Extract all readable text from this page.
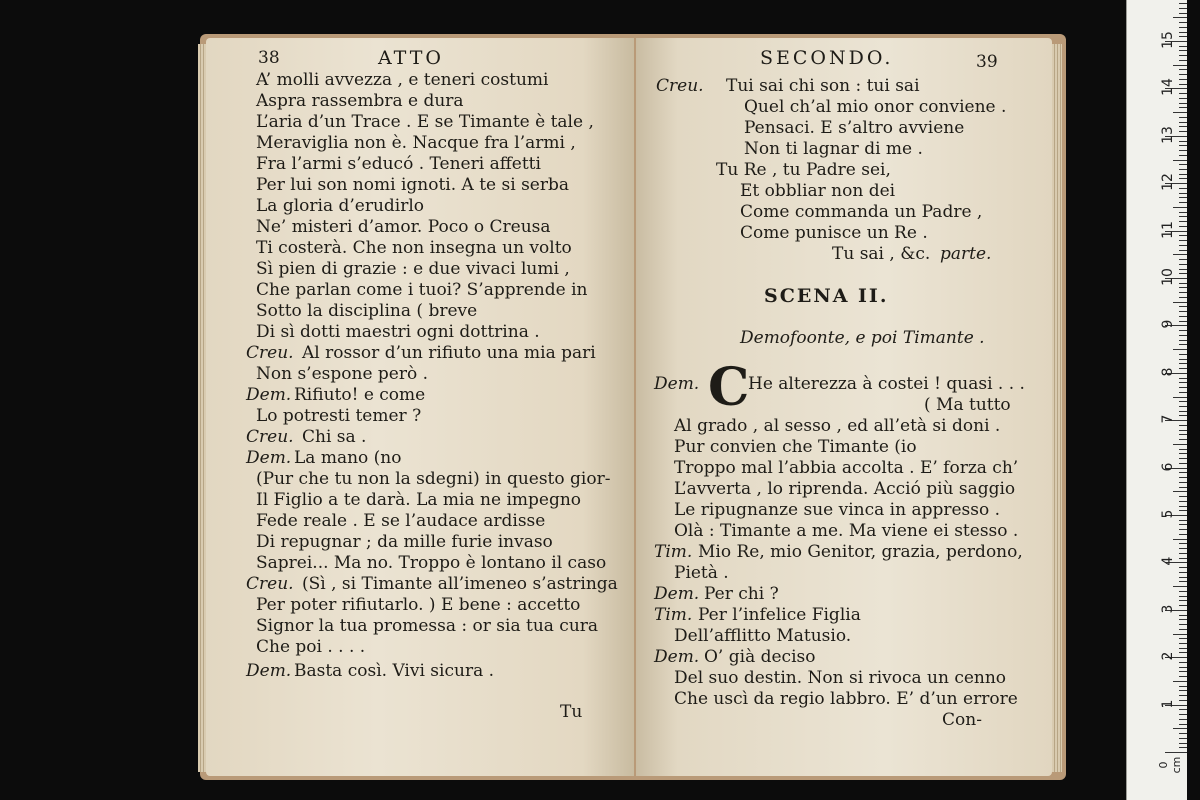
38	ATTO
A’ molli avvezza , e teneri costumi
Aspra rassembra e dura
L’aria d’un Trace . E se Timante è tale ,
Meraviglia non è. Nacque fra l’armi ,
Fra l’armi s’educó . Teneri affetti
Per lui son nomi ignoti. A te si serba
La gloria d’erudirlo
Ne’ misteri d’amor. Poco o Creusa
Ti costerà. Che non insegna un volto
Sì pien di grazie : e due vivaci lumi ,
Che parlan come i tuoi? S’apprende in
Sotto la disciplina ( breve
Di sì dotti maestri ogni dottrina .
Creu. Al rossor d’un rifiuto una mia pari
Non s’espone però .
Dem. Rifiuto! e come
Lo potresti temer ?
Creu. Chi sa .
Dem. La mano (no
(Pur che tu non la sdegni) in questo gior-
Il Figlio a te darà. La mia ne impegno
Fede reale . E se l’audace ardisse
Di repugnar ; da mille furie invaso
Saprei... Ma no. Troppo è lontano il caso
Creu. (Sì , si Timante all’imeneo s’astringa
Per poter rifiutarlo. ) E bene : accetto
Signor la tua promessa : or sia tua cura
Che poi . . . .
Dem. Basta così. Vivi sicura .
Tu
SECONDO.	39
Creu. Tui sai chi son : tui sai
Quel ch’al mio onor conviene .
Pensaci. E s’altro avviene
Non ti lagnar di me .
Tu Re , tu Padre sei,
Et obbliar non dei
Come commanda un Padre ,
Come punisce un Re .
Tu sai , &c. parte.
SCENA II.
Demofoonte, e poi Timante .
Dem. C
He alterezza à costei ! quasi . . .
( Ma tutto
Al grado , al sesso , ed all’età si doni .
Pur convien che Timante (io
Troppo mal l’abbia accolta . E’ forza ch’
L’avverta , lo riprenda. Acció più saggio
Le ripugnanze sue vinca in appresso .
Olà : Timante a me. Ma viene ei stesso .
Tim. Mio Re, mio Genitor, grazia, perdono,
Pietà .
Dem. Per chi ?
Tim. Per l’infelice Figlia
Dell’afflitto Matusio.
Dem. O’ già deciso
Del suo destin. Non si rivoca un cenno
Che uscì da regio labbro. E’ d’un errore
Con-
0 cm
1
2
3
4
5
6
7
8
9
10
11
12
13
14
15
